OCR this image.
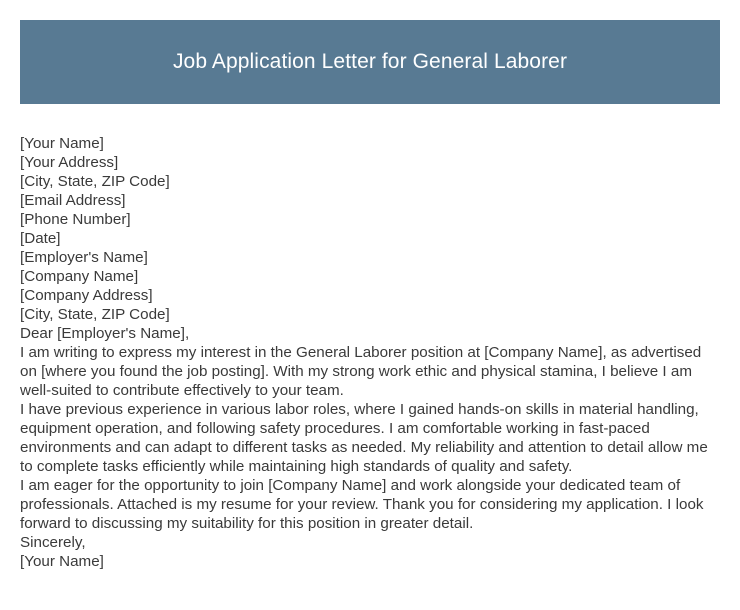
Job Application Letter for General Laborer

[Your Name]

[Your Address]

[City, State, ZIP Code]

[Email Address]

[Phone Number]

[Date]

[Employer's Name]

[Company Name]

[Company Address]

[City, State, ZIP Code]

Dear [Employer's Name],

I am writing to express my interest in the General Laborer position at [Company Name], as advertised on [where you found the job posting]. With my strong work ethic and physical stamina, I believe I am well-suited to contribute effectively to your team.

I have previous experience in various labor roles, where I gained hands-on skills in material handling, equipment operation, and following safety procedures. I am comfortable working in fast-paced environments and can adapt to different tasks as needed. My reliability and attention to detail allow me to complete tasks efficiently while maintaining high standards of quality and safety.

I am eager for the opportunity to join [Company Name] and work alongside your dedicated team of professionals. Attached is my resume for your review. Thank you for considering my application. I look forward to discussing my suitability for this position in greater detail.

Sincerely,

[Your Name]
